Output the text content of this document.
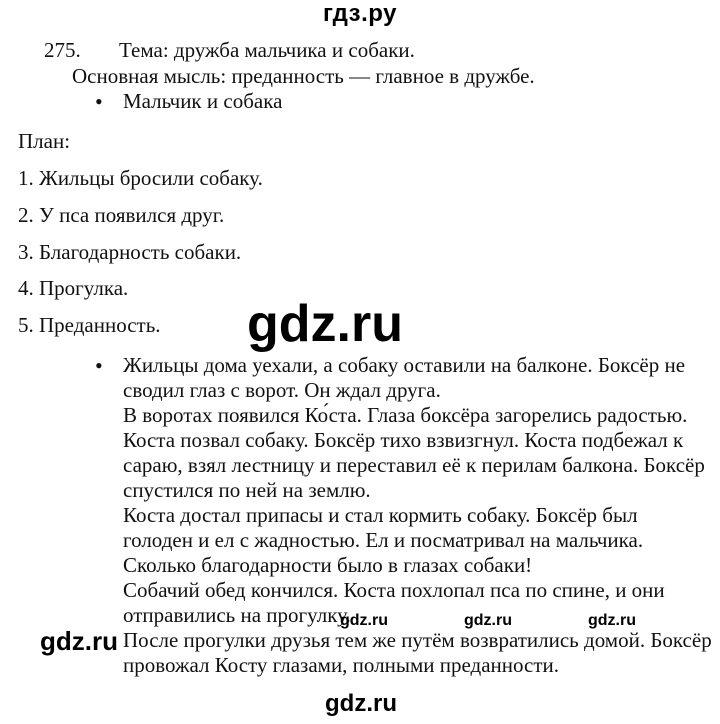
гдз.ру
275. Тема: дружба мальчика и собаки.
Основная мысль: преданность — главное в дружбе.
• Мальчик и собака
План:
1. Жильцы бросили собаку.
2. У пса появился друг.
3. Благодарность собаки.
4. Прогулка.
5. Преданность. gdz.ru
• Жильцы дома уехали, а собаку оставили на балконе. Боксёр не
сводил глаз с ворот. Он ждал друга.
В воротах появился Ко́ста. Глаза боксёра загорелись радостью.
Коста позвал собаку. Боксёр тихо взвизгнул. Коста подбежал к
сараю, взял лестницу и переставил её к перилам балкона. Боксёр
спустился по ней на землю.
Коста достал припасы и стал кормить собаку. Боксёр был
голоден и ел с жадностью. Ел и посматривал на мальчика.
Сколько благодарности было в глазах собаки!
Собачий обед кончился. Коста похлопал пса по спине, и они
отправились на прогулку.
После прогулки друзья тем же путём возвратились домой. Боксёр
провожал Косту глазами, полными преданности.
gdz.ru	gdz.ru	gdz.ru
gdz.ru
gdz.ru
